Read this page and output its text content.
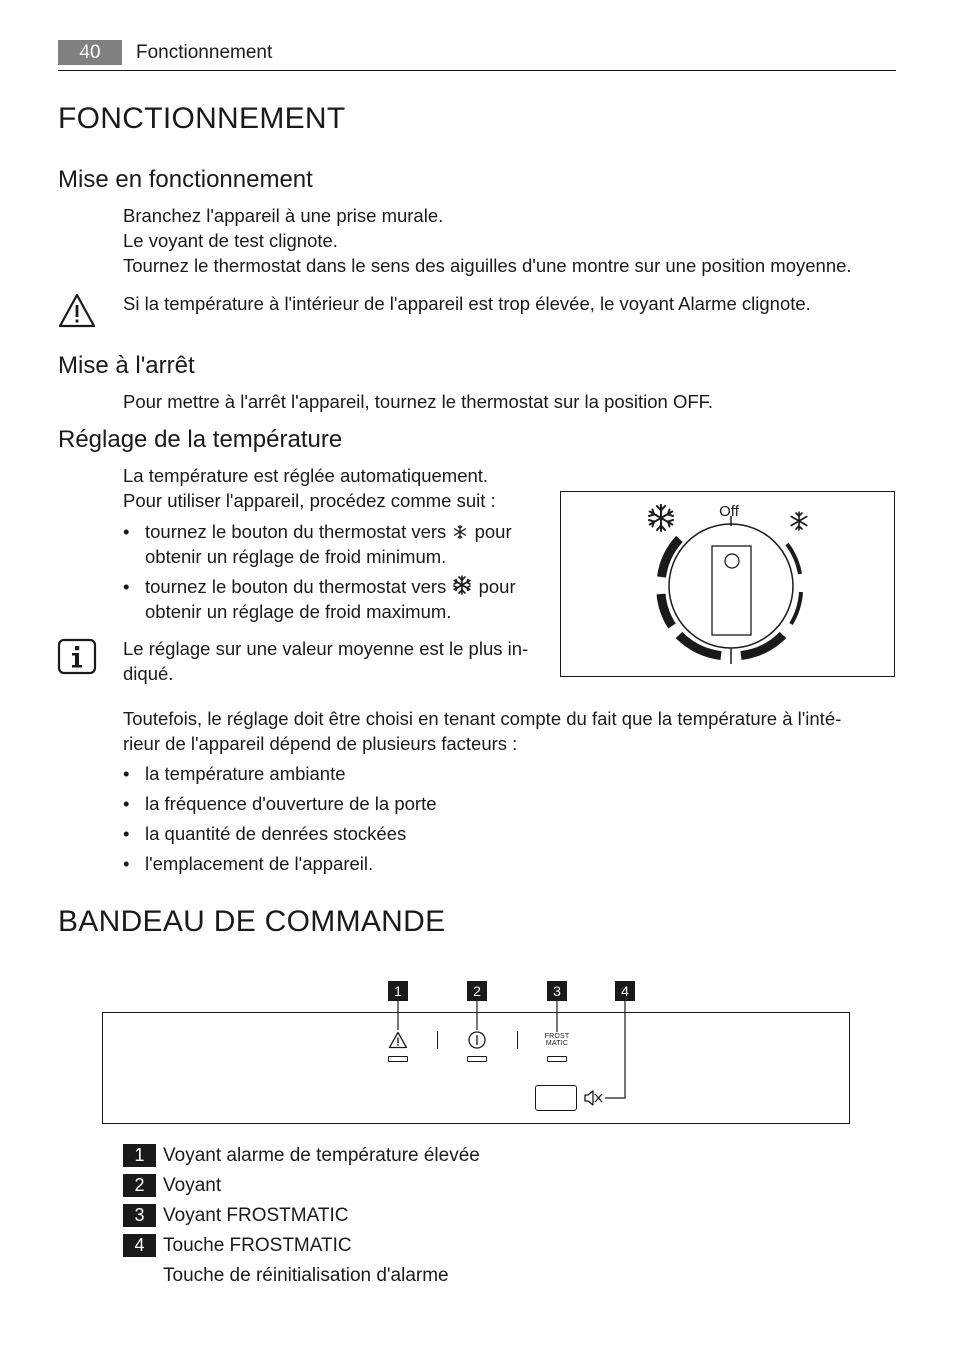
40	Fonctionnement
FONCTIONNEMENT
Mise en fonctionnement

Branchez l'appareil à une prise murale.

Le voyant de test clignote.

Tournez le thermostat dans le sens des aiguilles d'une montre sur une position moyenne.

Si la température à l'intérieur de l'appareil est trop élevée, le voyant Alarme clignote.

Mise à l'arrêt

Pour mettre à l'arrêt l'appareil, tournez le thermostat sur la position OFF.

Réglage de la température

La température est réglée automatiquement.

Pour utiliser l'appareil, procédez comme suit :

• tournez le bouton du thermostat vers pour
obtenir un réglage de froid minimum.
• tournez le bouton du thermostat vers pour
obtenir un réglage de froid maximum.
Off

Le réglage sur une valeur moyenne est le plus in-

diqué.

Toutefois, le réglage doit être choisi en tenant compte du fait que la température à l'inté-

rieur de l'appareil dépend de plusieurs facteurs :

• la température ambiante
• la fréquence d'ouverture de la porte
• la quantité de denrées stockées
• l'emplacement de l'appareil.
BANDEAU DE COMMANDE
1	2	3	4
FROST
MATIC
1 Voyant alarme de température élevée
2 Voyant
3 Voyant FROSTMATIC
4 Touche FROSTMATIC
Touche de réinitialisation d'alarme
